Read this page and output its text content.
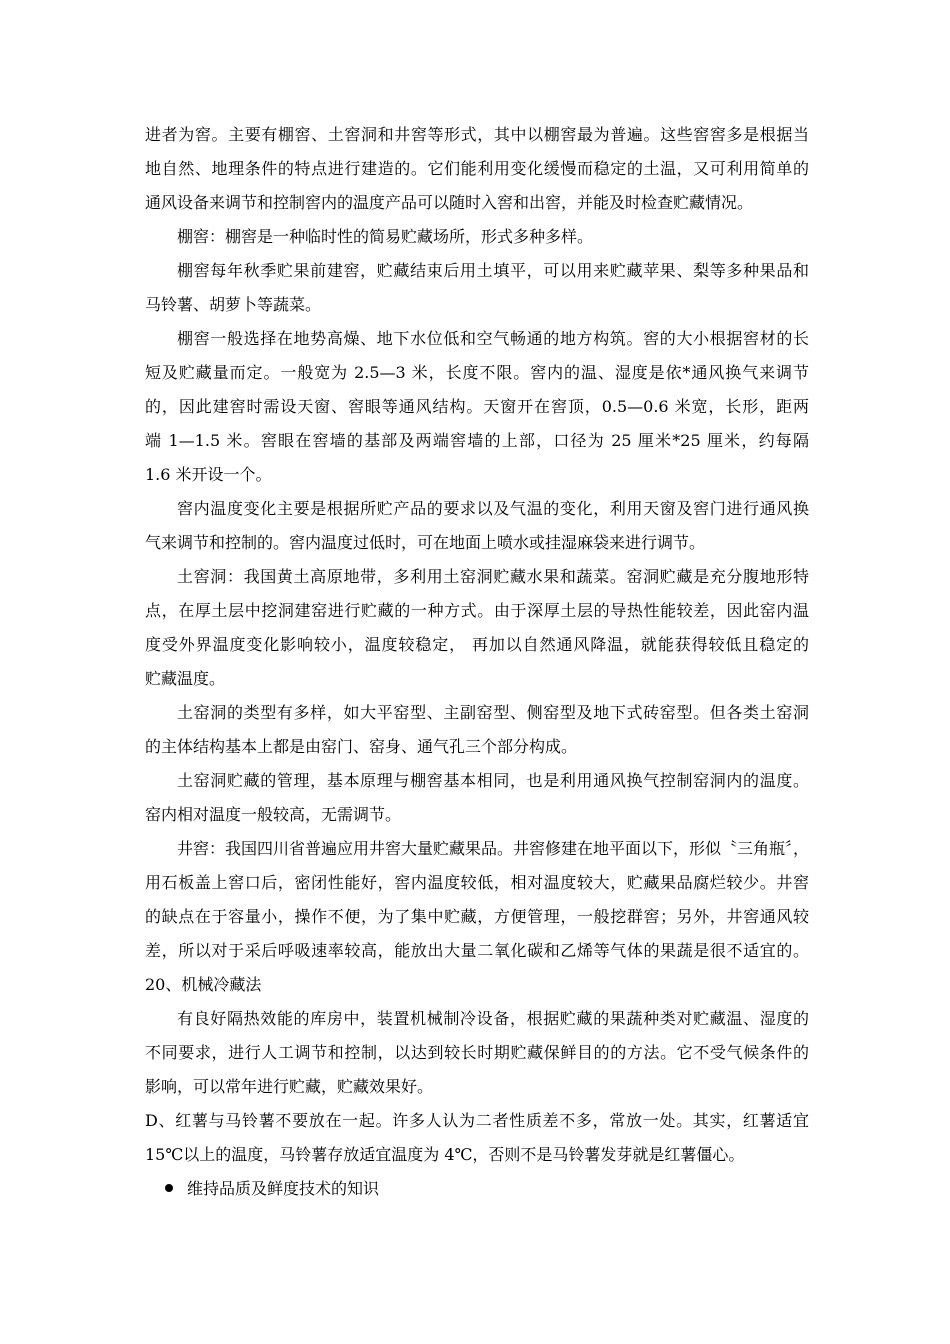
进者为窖。主要有棚窖、土窖洞和井窖等形式，其中以棚窖最为普遍。这些窖窖多是根据当
地自然、地理条件的特点进行建造的。它们能利用变化缓慢而稳定的土温，又可利用简单的
通风设备来调节和控制窖内的温度产品可以随时入窖和出窖，并能及时检查贮藏情况。
棚窖：棚窖是一种临时性的简易贮藏场所，形式多种多样。
棚窖每年秋季贮果前建窖，贮藏结束后用土填平，可以用来贮藏苹果、梨等多种果品和
马铃薯、胡萝卜等蔬菜。
棚窖一般选择在地势高燥、地下水位低和空气畅通的地方构筑。窖的大小根据窖材的长
短及贮藏量而定。一般宽为 2.5—3 米，长度不限。窖内的温、湿度是依*通风换气来调节
的，因此建窖时需设天窗、窖眼等通风结构。天窗开在窖顶，0.5—0.6 米宽，长形，距两
端 1—1.5 米。窖眼在窖墙的基部及两端窖墙的上部，口径为 25 厘米*25 厘米，约每隔
1.6 米开设一个。
窖内温度变化主要是根据所贮产品的要求以及气温的变化，利用天窗及窖门进行通风换
气来调节和控制的。窖内温度过低时，可在地面上喷水或挂湿麻袋来进行调节。
土窖洞：我国黄土高原地带，多利用土窑洞贮藏水果和蔬菜。窑洞贮藏是充分腹地形特
点，在厚土层中挖洞建窑进行贮藏的一种方式。由于深厚土层的导热性能较差，因此窑内温
度受外界温度变化影响较小，温度较稳定， 再加以自然通风降温，就能获得较低且稳定的
贮藏温度。
土窑洞的类型有多样，如大平窑型、主副窑型、侧窑型及地下式砖窑型。但各类土窑洞
的主体结构基本上都是由窑门、窑身、通气孔三个部分构成。
土窑洞贮藏的管理，基本原理与棚窖基本相同，也是利用通风换气控制窑洞内的温度。
窑内相对温度一般较高，无需调节。
井窖：我国四川省普遍应用井窖大量贮藏果品。井窖修建在地平面以下，形似〝三角瓶〞，
用石板盖上窖口后，密闭性能好，窖内温度较低，相对温度较大，贮藏果品腐烂较少。井窖
的缺点在于容量小，操作不便，为了集中贮藏，方便管理，一般挖群窖；另外，井窖通风较
差，所以对于采后呼吸速率较高，能放出大量二氧化碳和乙烯等气体的果蔬是很不适宜的。
20、机械冷藏法
有良好隔热效能的库房中，装置机械制冷设备，根据贮藏的果蔬种类对贮藏温、湿度的
不同要求，进行人工调节和控制，以达到较长时期贮藏保鲜目的的方法。它不受气候条件的
影响，可以常年进行贮藏，贮藏效果好。
D、红薯与马铃薯不要放在一起。许多人认为二者性质差不多，常放一处。其实，红薯适宜
15℃以上的温度，马铃薯存放适宜温度为 4℃，否则不是马铃薯发芽就是红薯僵心。
维持品质及鲜度技术的知识
